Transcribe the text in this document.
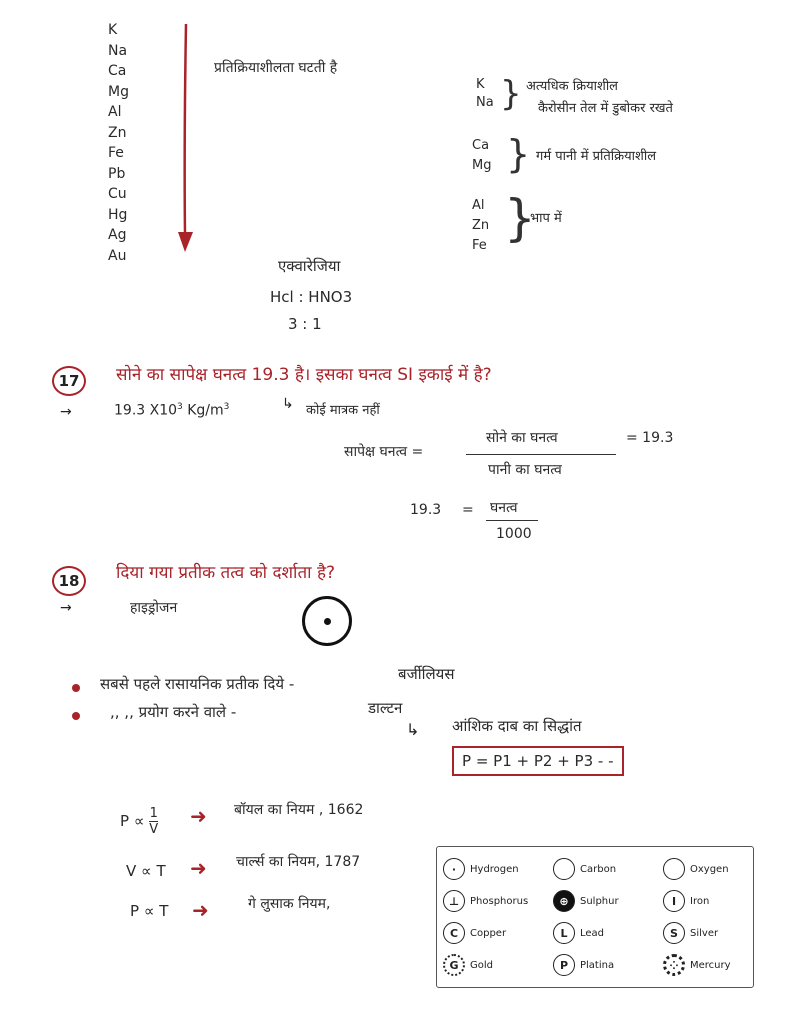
K
Na
Ca
Mg
Al
Zn
Fe
Pb
Cu
Hg
Ag
Au
प्रतिक्रियाशीलता घटती है
K
Na } अत्यधिक क्रियाशील
कैरोसीन तेल में डुबोकर रखते
Ca
Mg } गर्म पानी में प्रतिक्रियाशील
Al
Zn
Fe }
भाप में
एक्वारेजिया
Hcl : HNO3
3 : 1
17	सोने का सापेक्ष घनत्व 19.3 है। इसका घनत्व SI इकाई में है?
→	19.3 $X10^3$ $Kg/m^3$	↳ कोई मात्रक नहीं
सापेक्ष घनत्व =
सोने का घनत्व
पानी का घनत्व
= 19.3
19.3 = घनत्व
1000
18	दिया गया प्रतीक तत्व को दर्शाता है?
→	हाइड्रोजन
सबसे पहले रासायनिक प्रतीक दिये -
बर्जीलियस
,, ,, प्रयोग करने वाले -	डाल्टन
↳ आंशिक दाब का सिद्धांत
P = P1 + P2 + P3 - -
$P \propto \frac{1}{V}$ ➜ बॉयल का नियम , 1662
V ∝ T ➜ चार्ल्स का नियम, 1787
P ∝ T ➜	गे लुसाक नियम,
·	Hydrogen	Carbon	Oxygen
⊥	Phosphorus	⊕	Sulphur	I	Iron
C	Copper	L	Lead	S	Silver
G	Gold	P	Platina	⁘	Mercury
